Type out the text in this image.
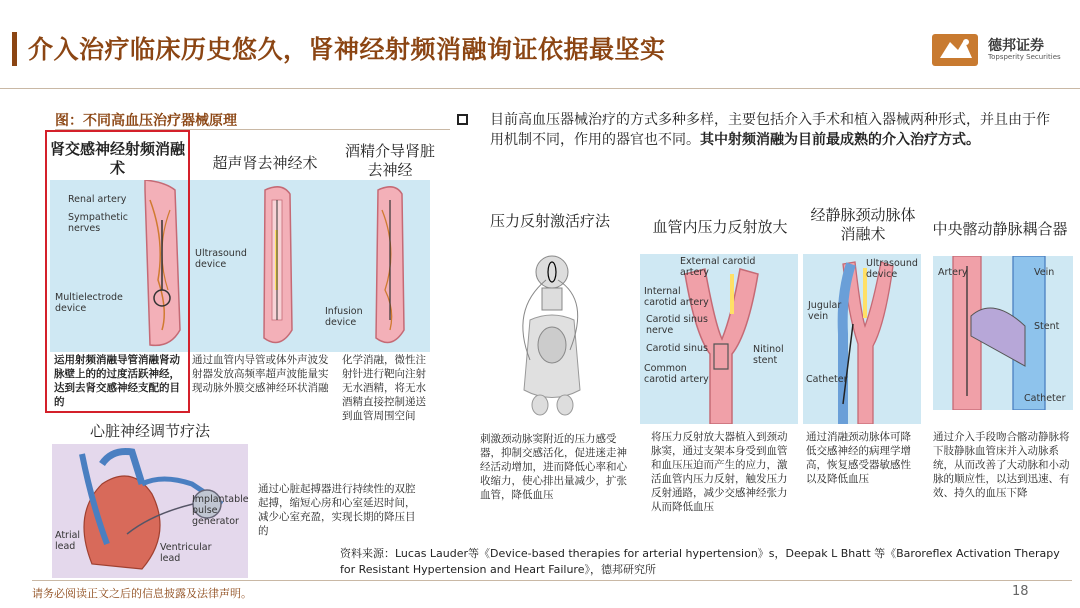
介入治疗临床历史悠久，肾神经射频消融询证依据最坚实	德邦证券
Topsperity Securities
图：不同高血压治疗器械原理
肾交感神经射频消融术	超声肾去神经术
酒精介导肾脏去神经
Renal artery
Sympathetic nerves
Multielectrode device
Ultrasound device
Infusion device
运用射频消融导管消融肾动脉壁上的的过度活跃神经，达到去肾交感神经支配的目的
通过血管内导管或体外声波发射器发放高频率超声波能量实现动脉外膜交感神经环状消融
化学消融，微性注射针进行靶向注射无水酒精，将无水酒精直接控制递送到血管周围空间
心脏神经调节疗法
Implantable pulse generator
Atrial lead	Ventricular lead
通过心脏起搏器进行持续性的双腔起搏，缩短心房和心室延迟时间，减少心室充盈，实现长期的降压目的
目前高血压器械治疗的方式多种多样，主要包括介入手术和植入器械两种形式，并且由于作用机制不同，作用的器官也不同。其中射频消融为目前最成熟的介入治疗方式。
压力反射激活疗法	血管内压力反射放大
经静脉颈动脉体消融术	中央髂动静脉耦合器
External carotid artery
Internal carotid artery
Carotid sinus nerve
Carotid sinus	Nitinol stent
Common carotid artery
Ultrasound device
Jugular vein
Catheter
Artery	Vein
Stent
Catheter
刺激颈动脉窦附近的压力感受器，抑制交感活化，促进迷走神经活动增加，进而降低心率和心收缩力，使心排出量减少，扩张血管，降低血压
将压力反射放大器植入到颈动脉窦，通过支架本身受到血管和血压压迫而产生的应力，激活血管内压力反射，触发压力反射通路，减少交感神经张力从而降低血压
通过消融颈动脉体可降低交感神经的病理学增高，恢复感受器敏感性以及降低血压
通过介入手段吻合髂动静脉将下肢静脉血管床并入动脉系统，从而改善了大动脉和小动脉的顺应性，以达到迅速、有效、持久的血压下降
资料来源：Lucas Lauder等《Device-based therapies for arterial hypertension》s，Deepak L Bhatt 等《Baroreflex Activation Therapy for Resistant Hypertension and Heart Failure》，德邦研究所
请务必阅读正文之后的信息披露及法律声明。	18
